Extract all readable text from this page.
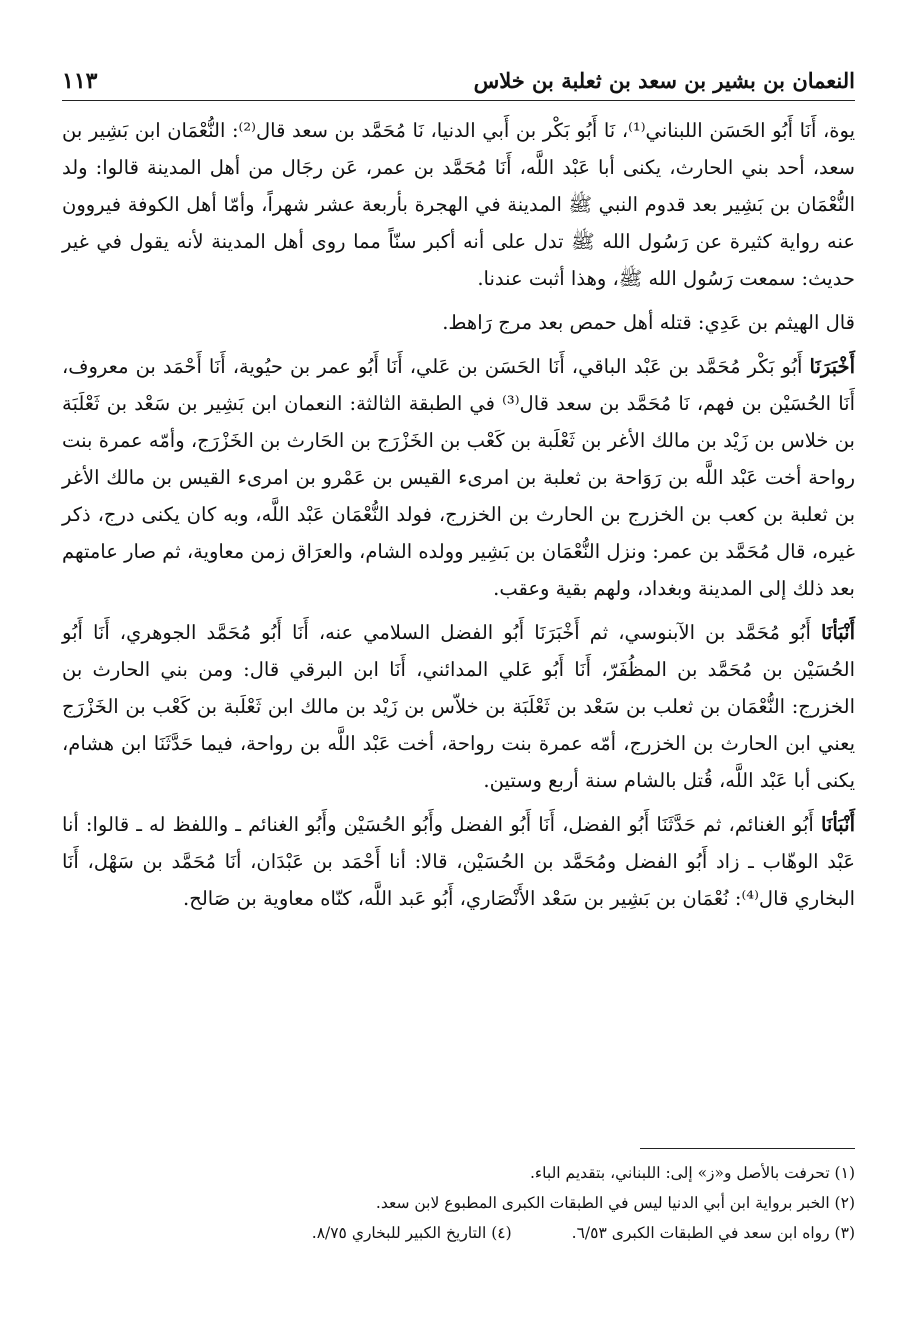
النعمان بن بشير بن سعد بن ثعلبة بن خلاس
١١٣

يوة، أَنَا أَبُو الحَسَن اللبناني⁽¹⁾، نَا أَبُو بَكْر بن أَبي الدنيا، نَا مُحَمَّد بن سعد قال⁽²⁾: النُّعْمَان ابن بَشِير بن سعد، أحد بني الحارث، يكنى أبا عَبْد اللَّه، أَنَا مُحَمَّد بن عمر، عَن رجَال من أهل المدينة قالوا: ولد النُّعْمَان بن بَشِير بعد قدوم النبي ﷺ المدينة في الهجرة بأربعة عشر شهراً، وأمّا أهل الكوفة فيروون عنه رواية كثيرة عن رَسُول الله ﷺ تدل على أنه أكبر سنّاً مما روى أهل المدينة لأنه يقول في غير حديث: سمعت رَسُول الله ﷺ، وهذا أثبت عندنا.

قال الهيثم بن عَدِي: قتله أهل حمص بعد مرج رَاهط.

أَخْبَرَنَا أَبُو بَكْر مُحَمَّد بن عَبْد الباقي، أَنَا الحَسَن بن عَلي، أَنَا أَبُو عمر بن حيُوية، أَنَا أَحْمَد بن معروف، أَنَا الحُسَيْن بن فهم، نَا مُحَمَّد بن سعد قال⁽³⁾ في الطبقة الثالثة: النعمان ابن بَشِير بن سَعْد بن ثَعْلَبَة بن خلاس بن زَيْد بن مالك الأغر بن ثَعْلَبة بن كَعْب بن الخَزْرَج بن الحَارث بن الخَزْرَج، وأمّه عمرة بنت رواحة أخت عَبْد اللَّه بن رَوَاحة بن ثعلبة بن امرىء القيس بن عَمْرو بن امرىء القيس بن مالك الأغر بن ثعلبة بن كعب بن الخزرج بن الحارث بن الخزرج، فولد النُّعْمَان عَبْد اللَّه، وبه كان يكنى درج، ذكر غيره، قال مُحَمَّد بن عمر: ونزل النُّعْمَان بن بَشِير وولده الشام، والعرَاق زمن معاوية، ثم صار عامتهم بعد ذلك إلى المدينة وبغداد، ولهم بقية وعقب.

أَنْبَأنَا أَبُو مُحَمَّد بن الآبنوسي، ثم أَخْبَرَنَا أَبُو الفضل السلامي عنه، أَنَا أَبُو مُحَمَّد الجوهري، أَنَا أَبُو الحُسَيْن بن مُحَمَّد بن المظُفَرّ، أَنَا أَبُو عَلي المدائني، أَنَا ابن البرقي قال: ومن بني الحارث بن الخزرج: النُّعْمَان بن ثعلب بن سَعْد بن ثَعْلَبَة بن خلاّس بن زَيْد بن مالك ابن ثَعْلَبة بن كَعْب بن الخَزْرَج يعني ابن الحارث بن الخزرج، أمّه عمرة بنت رواحة، أخت عَبْد اللَّه بن رواحة، فيما حَدَّثَنَا ابن هشام، يكنى أبا عَبْد اللَّه، قُتل بالشام سنة أربع وستين.

أَنْبَأنَا أَبُو الغنائم، ثم حَدَّثَنَا أَبُو الفضل، أَنَا أَبُو الفضل وأَبُو الحُسَيْن وأَبُو الغنائم ـ واللفظ له ـ قالوا: أنا عَبْد الوهّاب ـ زاد أَبُو الفضل ومُحَمَّد بن الحُسَيْن، قالا: أنا أَحْمَد بن عَبْدَان، أنَا مُحَمَّد بن سَهْل، أَنَا البخاري قال⁽⁴⁾: نُعْمَان بن بَشِير بن سَعْد الأَنْصَاري، أَبُو عَبد اللَّه، كنّاه معاوية بن صَالح.

(١) تحرفت بالأصل و«ز» إلى: اللبناني، بتقديم الباء.
(٢) الخبر برواية ابن أبي الدنيا ليس في الطبقات الكبرى المطبوع لابن سعد.
(٣) رواه ابن سعد في الطبقات الكبرى ٦/٥٣.
(٤) التاريخ الكبير للبخاري ٨/٧٥.
